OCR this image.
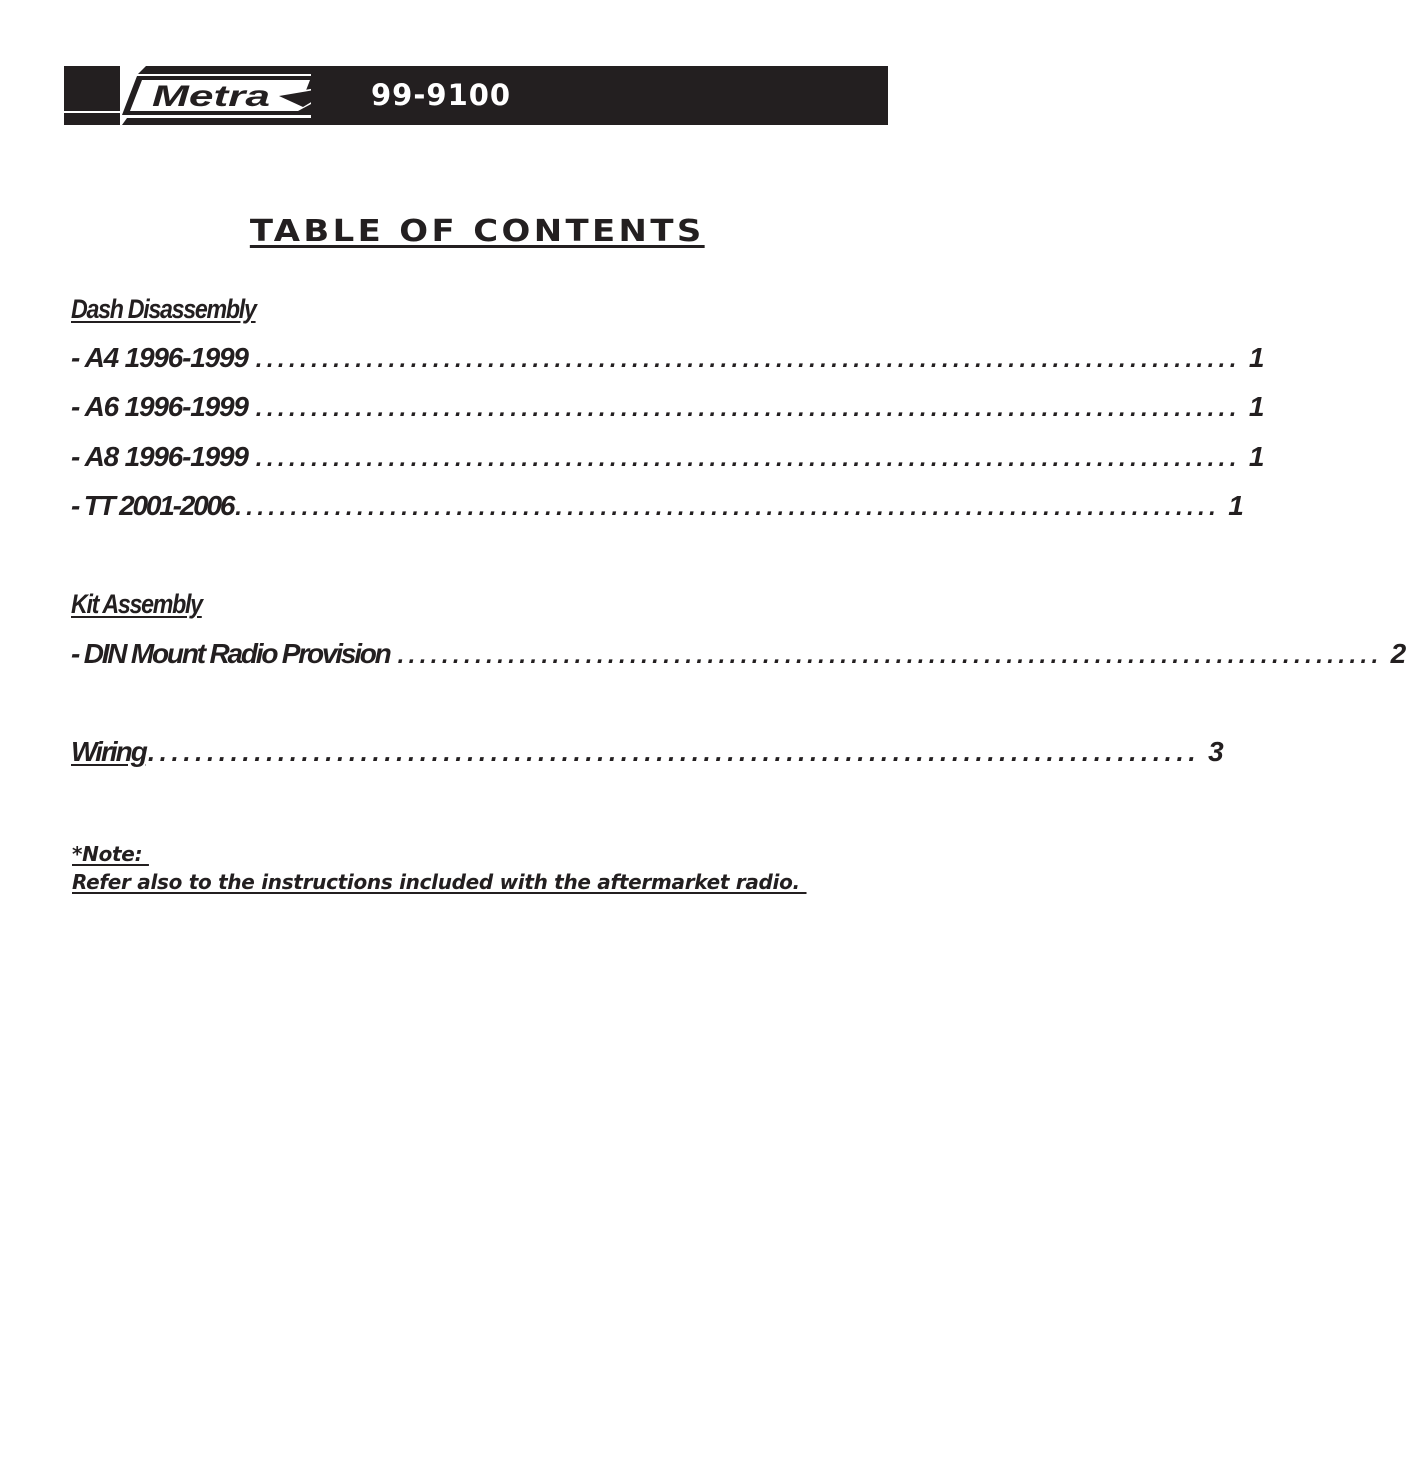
Metra	99-9100
TABLE OF CONTENTS
Dash Disassembly
- A4 1996-1999 ......................................................................................... 1
- A6 1996-1999 ......................................................................................... 1
- A8 1996-1999 ......................................................................................... 1
- TT 2001-2006 ......................................................................................... 1
Kit Assembly
- DIN Mount Radio Provision ......................................................................................... 2
Wiring ......................................................................................... 3
*Note:
Refer also to the instructions included with the aftermarket radio.
